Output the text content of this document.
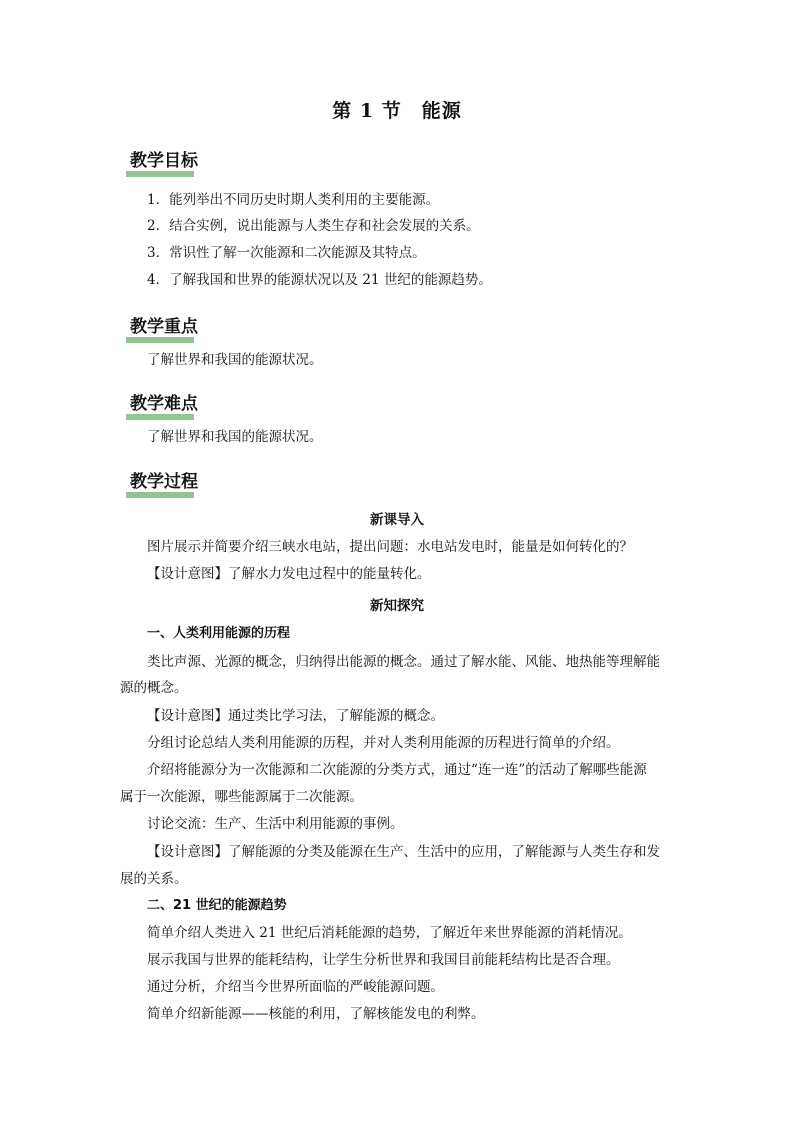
第 1 节　能源
教学目标
1．能列举出不同历史时期人类利用的主要能源。
2．结合实例，说出能源与人类生存和社会发展的关系。
3．常识性了解一次能源和二次能源及其特点。
4．了解我国和世界的能源状况以及 21 世纪的能源趋势。
教学重点
了解世界和我国的能源状况。
教学难点
了解世界和我国的能源状况。
教学过程
新课导入
图片展示并简要介绍三峡水电站，提出问题：水电站发电时，能量是如何转化的？
【设计意图】了解水力发电过程中的能量转化。
新知探究
一、人类利用能源的历程
类比声源、光源的概念，归纳得出能源的概念。通过了解水能、风能、地热能等理解能
源的概念。
【设计意图】通过类比学习法，了解能源的概念。
分组讨论总结人类利用能源的历程，并对人类利用能源的历程进行简单的介绍。
介绍将能源分为一次能源和二次能源的分类方式，通过“连一连”的活动了解哪些能源
属于一次能源，哪些能源属于二次能源。
讨论交流：生产、生活中利用能源的事例。
【设计意图】了解能源的分类及能源在生产、生活中的应用，了解能源与人类生存和发
展的关系。
二、21 世纪的能源趋势
简单介绍人类进入 21 世纪后消耗能源的趋势，了解近年来世界能源的消耗情况。
展示我国与世界的能耗结构，让学生分析世界和我国目前能耗结构比是否合理。
通过分析，介绍当今世界所面临的严峻能源问题。
简单介绍新能源——核能的利用，了解核能发电的利弊。
